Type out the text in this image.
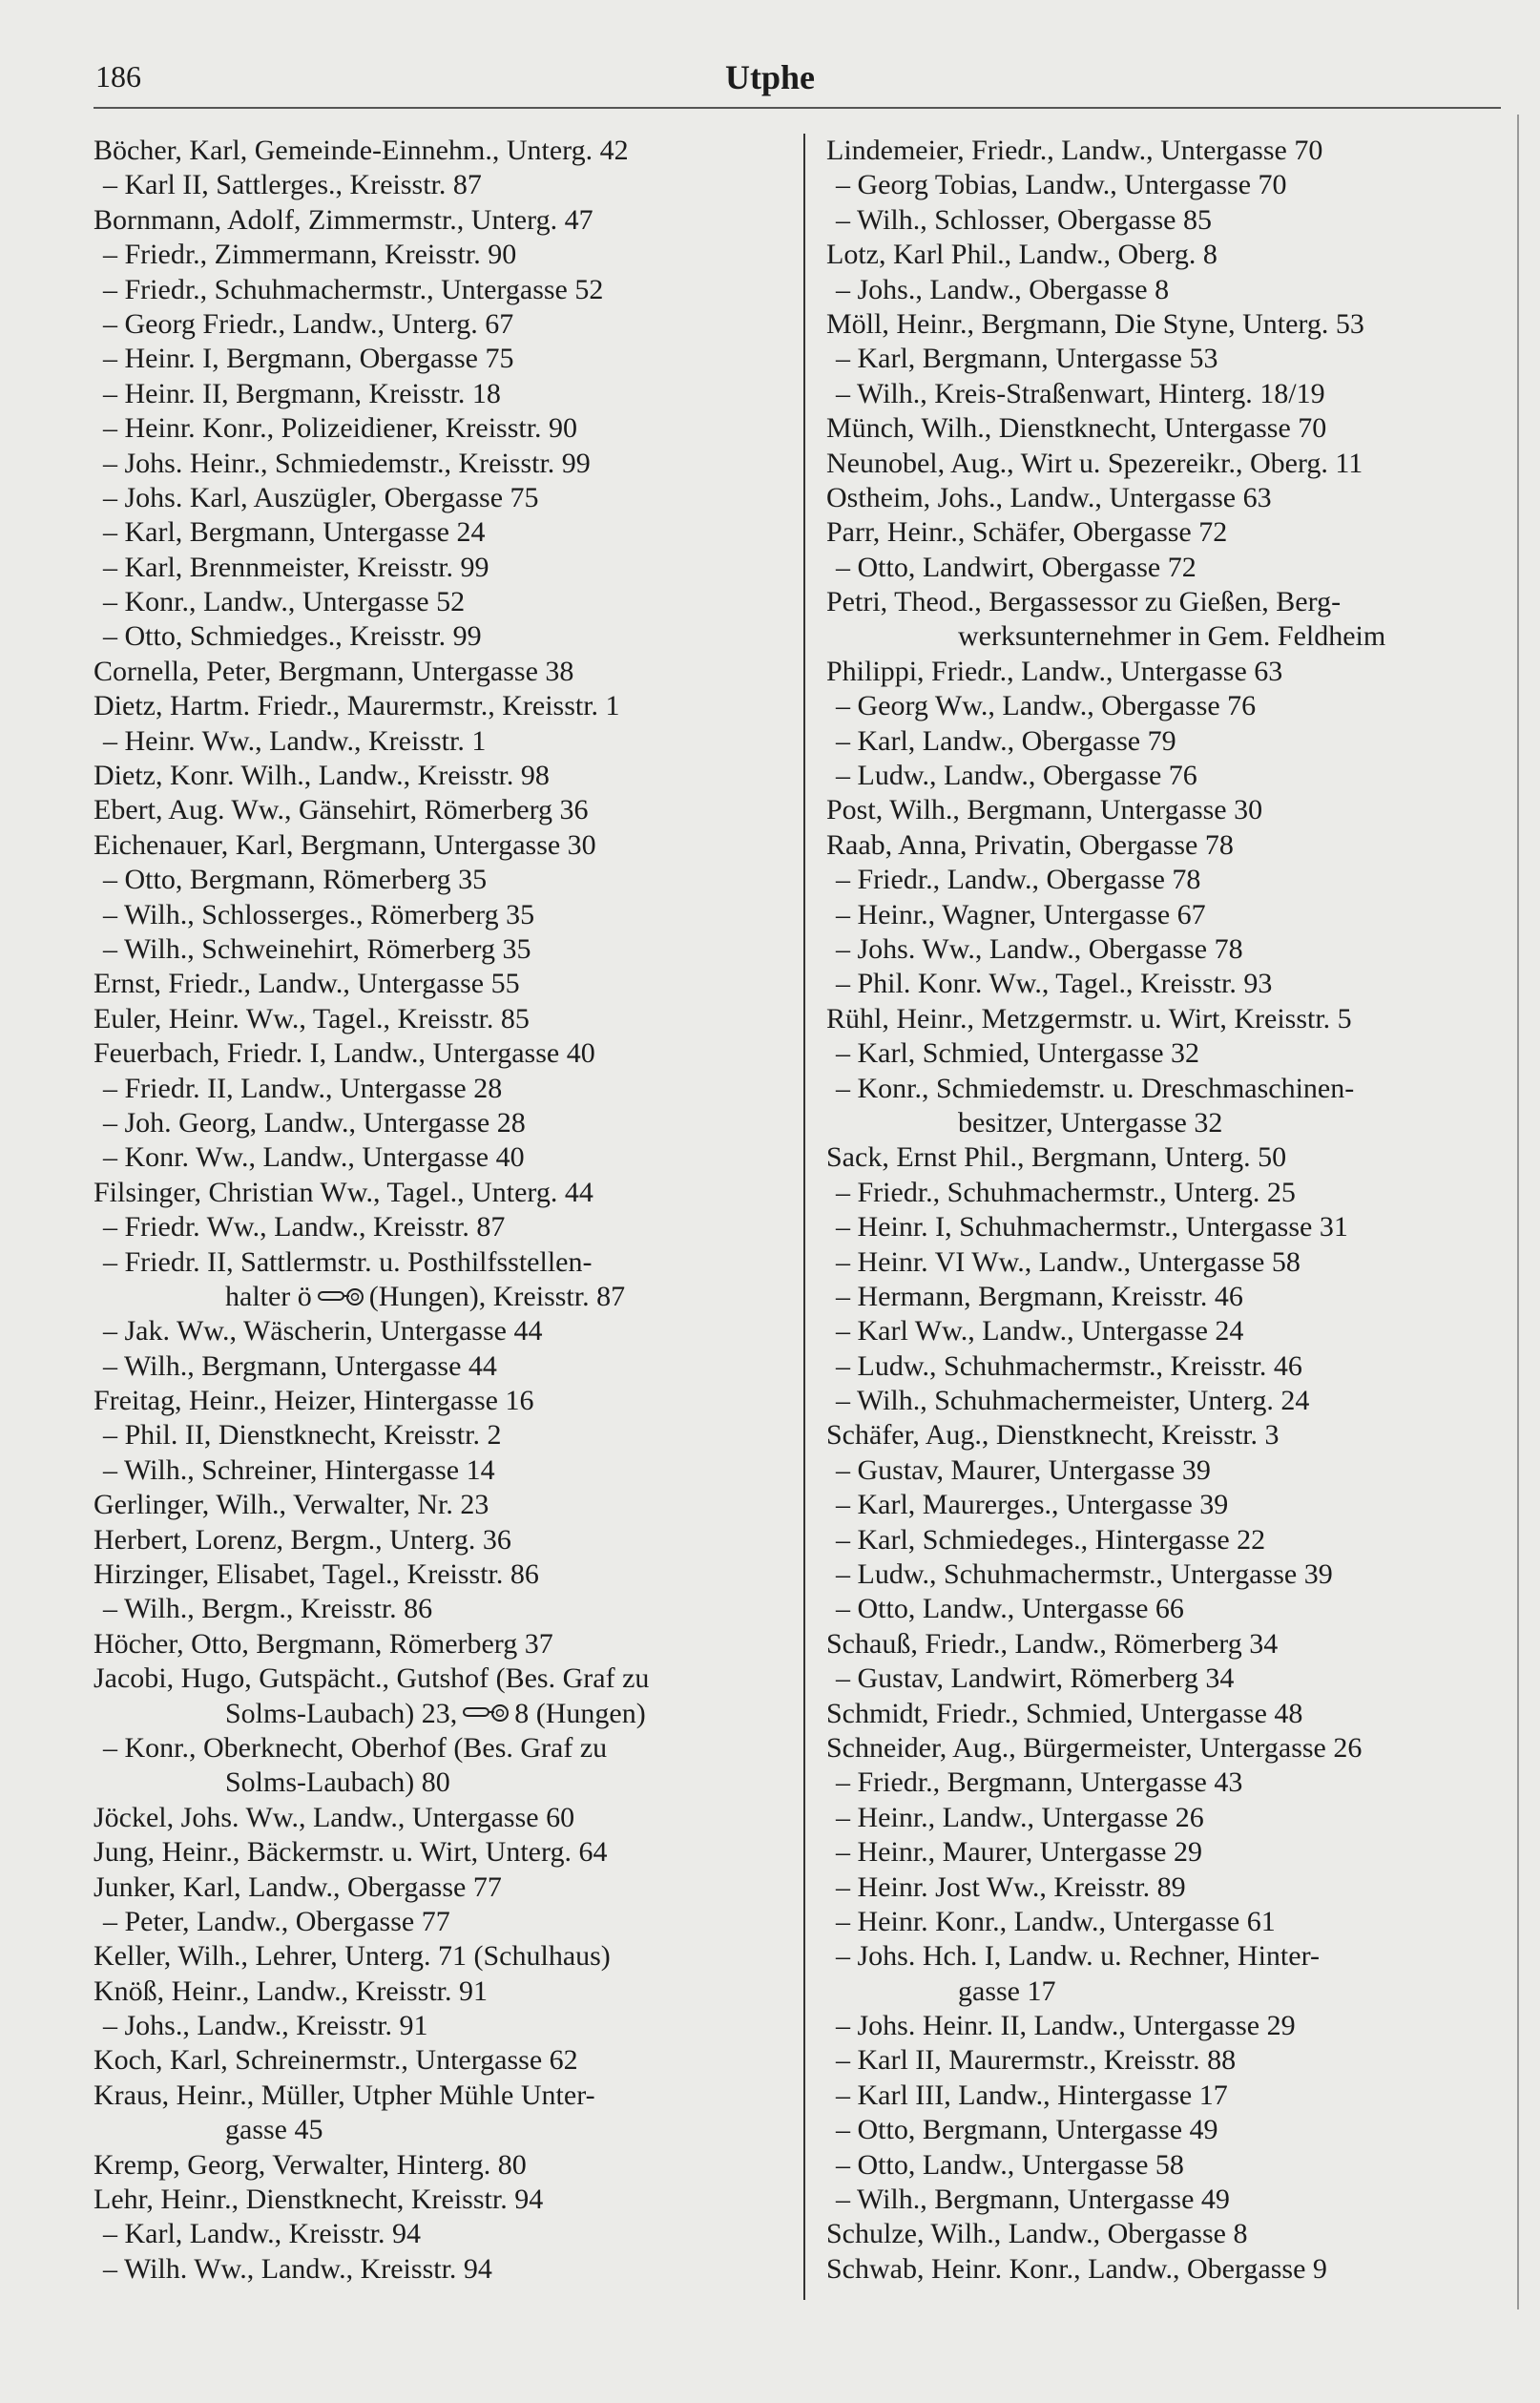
186	Utphe
Böcher, Karl, Gemeinde-Einnehm., Unterg. 42
– Karl II, Sattlerges., Kreisstr. 87
Bornmann, Adolf, Zimmermstr., Unterg. 47
– Friedr., Zimmermann, Kreisstr. 90
– Friedr., Schuhmachermstr., Untergasse 52
– Georg Friedr., Landw., Unterg. 67
– Heinr. I, Bergmann, Obergasse 75
– Heinr. II, Bergmann, Kreisstr. 18
– Heinr. Konr., Polizeidiener, Kreisstr. 90
– Johs. Heinr., Schmiedemstr., Kreisstr. 99
– Johs. Karl, Auszügler, Obergasse 75
– Karl, Bergmann, Untergasse 24
– Karl, Brennmeister, Kreisstr. 99
– Konr., Landw., Untergasse 52
– Otto, Schmiedges., Kreisstr. 99
Cornella, Peter, Bergmann, Untergasse 38
Dietz, Hartm. Friedr., Maurermstr., Kreisstr. 1
– Heinr. Ww., Landw., Kreisstr. 1
Dietz, Konr. Wilh., Landw., Kreisstr. 98
Ebert, Aug. Ww., Gänsehirt, Römerberg 36
Eichenauer, Karl, Bergmann, Untergasse 30
– Otto, Bergmann, Römerberg 35
– Wilh., Schlosserges., Römerberg 35
– Wilh., Schweinehirt, Römerberg 35
Ernst, Friedr., Landw., Untergasse 55
Euler, Heinr. Ww., Tagel., Kreisstr. 85
Feuerbach, Friedr. I, Landw., Untergasse 40
– Friedr. II, Landw., Untergasse 28
– Joh. Georg, Landw., Untergasse 28
– Konr. Ww., Landw., Untergasse 40
Filsinger, Christian Ww., Tagel., Unterg. 44
– Friedr. Ww., Landw., Kreisstr. 87
– Friedr. II, Sattlermstr. u. Posthilfsstellen-
halter ö (Hungen), Kreisstr. 87
– Jak. Ww., Wäscherin, Untergasse 44
– Wilh., Bergmann, Untergasse 44
Freitag, Heinr., Heizer, Hintergasse 16
– Phil. II, Dienstknecht, Kreisstr. 2
– Wilh., Schreiner, Hintergasse 14
Gerlinger, Wilh., Verwalter, Nr. 23
Herbert, Lorenz, Bergm., Unterg. 36
Hirzinger, Elisabet, Tagel., Kreisstr. 86
– Wilh., Bergm., Kreisstr. 86
Höcher, Otto, Bergmann, Römerberg 37
Jacobi, Hugo, Gutspächt., Gutshof (Bes. Graf zu
Solms-Laubach) 23, 8 (Hungen)
– Konr., Oberknecht, Oberhof (Bes. Graf zu
Solms-Laubach) 80
Jöckel, Johs. Ww., Landw., Untergasse 60
Jung, Heinr., Bäckermstr. u. Wirt, Unterg. 64
Junker, Karl, Landw., Obergasse 77
– Peter, Landw., Obergasse 77
Keller, Wilh., Lehrer, Unterg. 71 (Schulhaus)
Knöß, Heinr., Landw., Kreisstr. 91
– Johs., Landw., Kreisstr. 91
Koch, Karl, Schreinermstr., Untergasse 62
Kraus, Heinr., Müller, Utpher Mühle Unter-
gasse 45
Kremp, Georg, Verwalter, Hinterg. 80
Lehr, Heinr., Dienstknecht, Kreisstr. 94
– Karl, Landw., Kreisstr. 94
– Wilh. Ww., Landw., Kreisstr. 94
Lindemeier, Friedr., Landw., Untergasse 70
– Georg Tobias, Landw., Untergasse 70
– Wilh., Schlosser, Obergasse 85
Lotz, Karl Phil., Landw., Oberg. 8
– Johs., Landw., Obergasse 8
Möll, Heinr., Bergmann, Die Styne, Unterg. 53
– Karl, Bergmann, Untergasse 53
– Wilh., Kreis-Straßenwart, Hinterg. 18/19
Münch, Wilh., Dienstknecht, Untergasse 70
Neunobel, Aug., Wirt u. Spezereikr., Oberg. 11
Ostheim, Johs., Landw., Untergasse 63
Parr, Heinr., Schäfer, Obergasse 72
– Otto, Landwirt, Obergasse 72
Petri, Theod., Bergassessor zu Gießen, Berg-
werksunternehmer in Gem. Feldheim
Philippi, Friedr., Landw., Untergasse 63
– Georg Ww., Landw., Obergasse 76
– Karl, Landw., Obergasse 79
– Ludw., Landw., Obergasse 76
Post, Wilh., Bergmann, Untergasse 30
Raab, Anna, Privatin, Obergasse 78
– Friedr., Landw., Obergasse 78
– Heinr., Wagner, Untergasse 67
– Johs. Ww., Landw., Obergasse 78
– Phil. Konr. Ww., Tagel., Kreisstr. 93
Rühl, Heinr., Metzgermstr. u. Wirt, Kreisstr. 5
– Karl, Schmied, Untergasse 32
– Konr., Schmiedemstr. u. Dreschmaschinen-
besitzer, Untergasse 32
Sack, Ernst Phil., Bergmann, Unterg. 50
– Friedr., Schuhmachermstr., Unterg. 25
– Heinr. I, Schuhmachermstr., Untergasse 31
– Heinr. VI Ww., Landw., Untergasse 58
– Hermann, Bergmann, Kreisstr. 46
– Karl Ww., Landw., Untergasse 24
– Ludw., Schuhmachermstr., Kreisstr. 46
– Wilh., Schuhmachermeister, Unterg. 24
Schäfer, Aug., Dienstknecht, Kreisstr. 3
– Gustav, Maurer, Untergasse 39
– Karl, Maurerges., Untergasse 39
– Karl, Schmiedeges., Hintergasse 22
– Ludw., Schuhmachermstr., Untergasse 39
– Otto, Landw., Untergasse 66
Schauß, Friedr., Landw., Römerberg 34
– Gustav, Landwirt, Römerberg 34
Schmidt, Friedr., Schmied, Untergasse 48
Schneider, Aug., Bürgermeister, Untergasse 26
– Friedr., Bergmann, Untergasse 43
– Heinr., Landw., Untergasse 26
– Heinr., Maurer, Untergasse 29
– Heinr. Jost Ww., Kreisstr. 89
– Heinr. Konr., Landw., Untergasse 61
– Johs. Hch. I, Landw. u. Rechner, Hinter-
gasse 17
– Johs. Heinr. II, Landw., Untergasse 29
– Karl II, Maurermstr., Kreisstr. 88
– Karl III, Landw., Hintergasse 17
– Otto, Bergmann, Untergasse 49
– Otto, Landw., Untergasse 58
– Wilh., Bergmann, Untergasse 49
Schulze, Wilh., Landw., Obergasse 8
Schwab, Heinr. Konr., Landw., Obergasse 9
